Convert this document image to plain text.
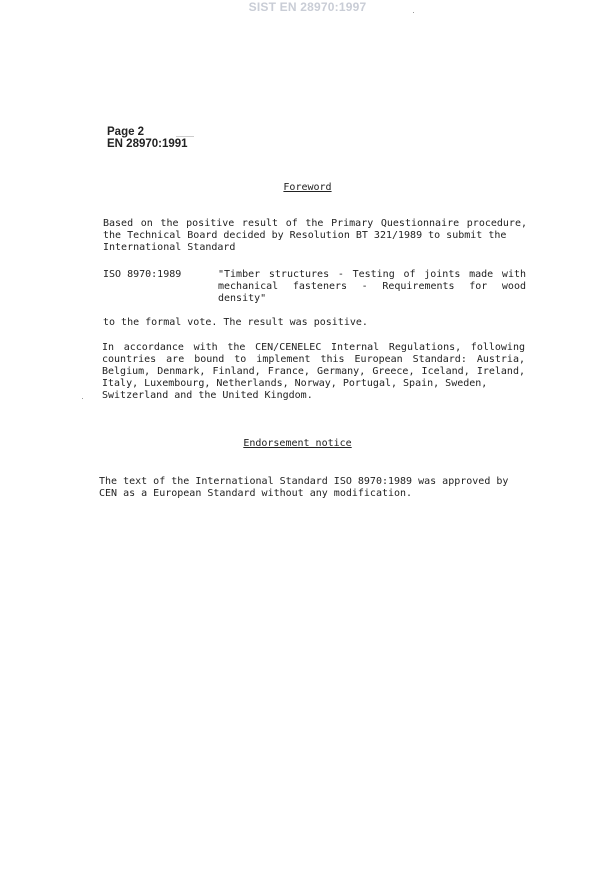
SIST EN 28970:1997
Page 2
EN 28970:1991
Foreword

Based on the positive result of the Primary Questionnaire procedure, the Technical Board decided by Resolution BT 321/1989 to submit the
International Standard

ISO 8970:1989	"Timber structures - Testing of joints made with mechanical fasteners - Requirements for wood density"

to the formal vote. The result was positive.

In accordance with the CEN/CENELEC Internal Regulations, following countries are bound to implement this European Standard: Austria, Belgium, Denmark, Finland, France, Germany, Greece, Iceland, Ireland, Italy, Luxembourg, Netherlands, Norway, Portugal, Spain, Sweden,
Switzerland and the United Kingdom.

Endorsement notice

The text of the International Standard ISO 8970:1989 was approved by
CEN as a European Standard without any modification.
